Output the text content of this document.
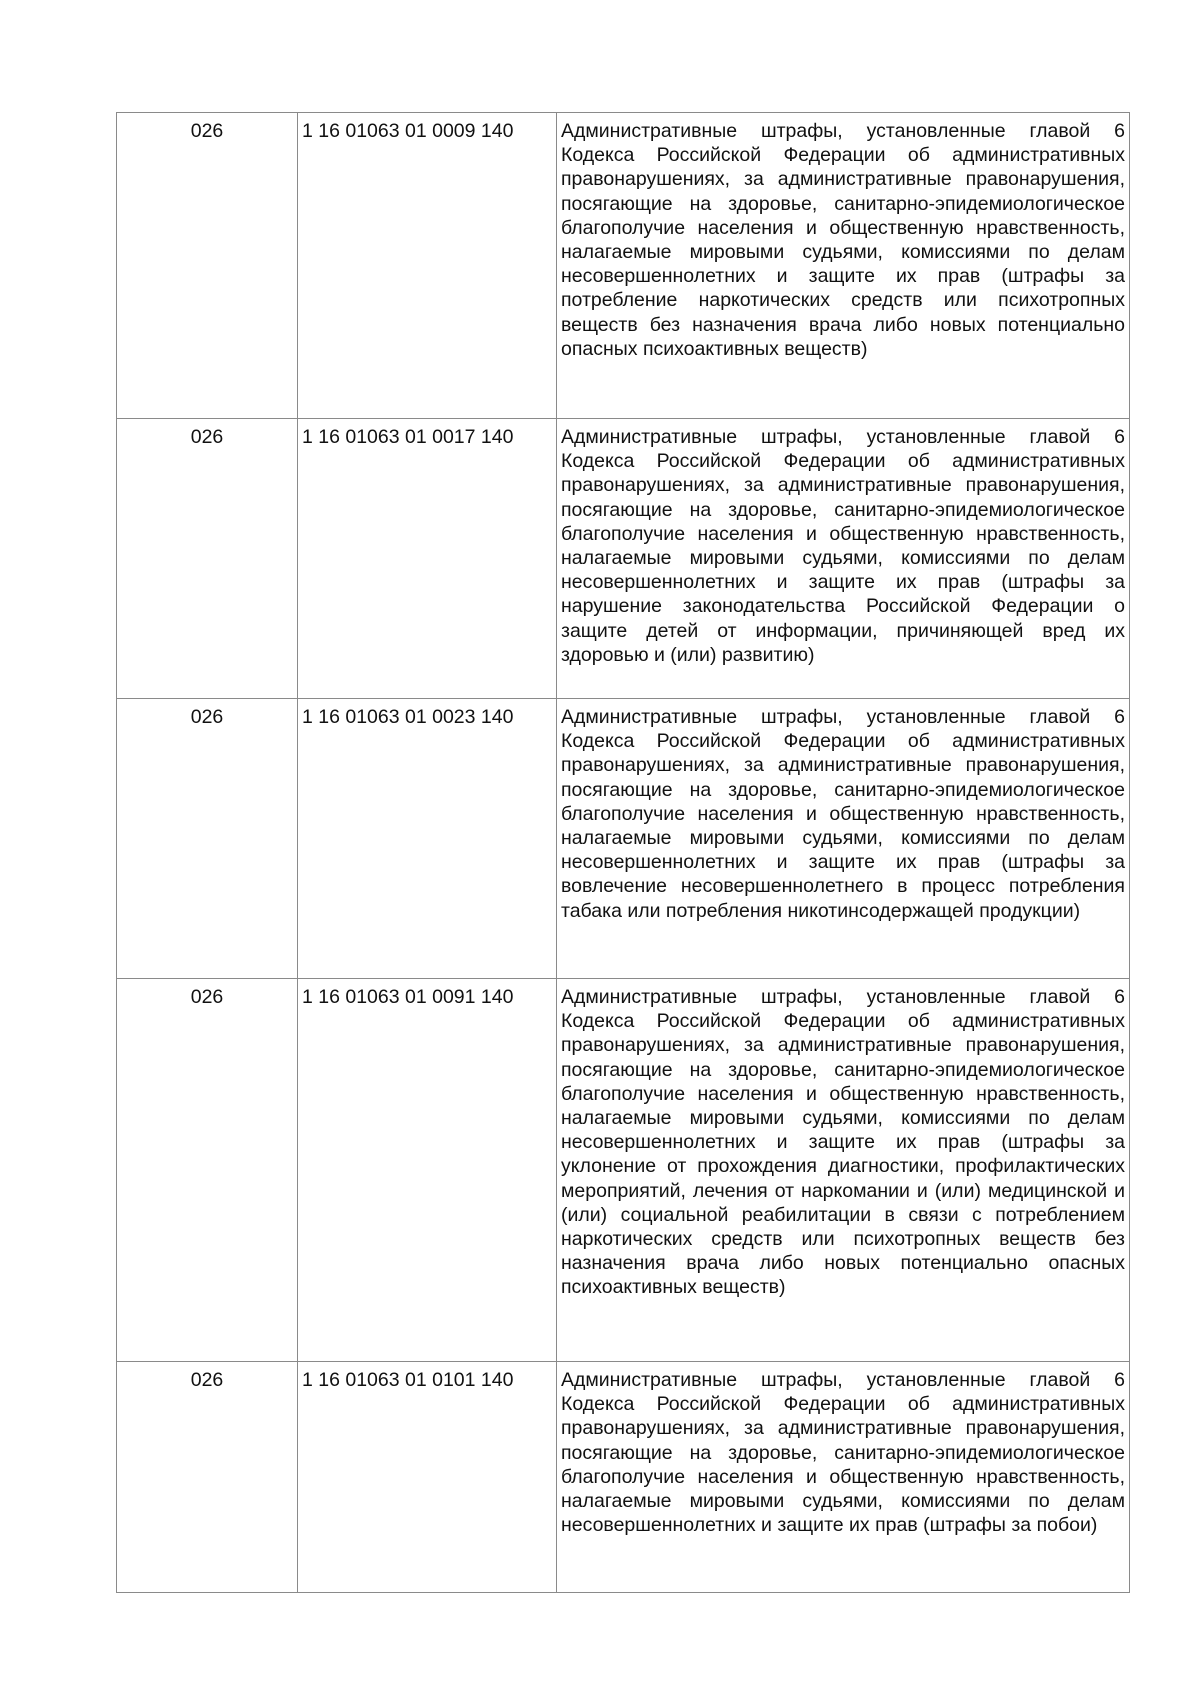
026	1 16 01063 01 0009 140	Административные штрафы, установленные главой 6 Кодекса Российской Федерации об административных правонарушениях, за административные правонарушения, посягающие на здоровье, санитарно-эпидемиологическое благополучие населения и общественную нравственность, налагаемые мировыми судьями, комиссиями по делам несовершеннолетних и защите их прав (штрафы за потребление наркотических средств или психотропных веществ без назначения врача либо новых потенциально опасных психоактивных веществ)
026	1 16 01063 01 0017 140	Административные штрафы, установленные главой 6 Кодекса Российской Федерации об административных правонарушениях, за административные правонарушения, посягающие на здоровье, санитарно-эпидемиологическое благополучие населения и общественную нравственность, налагаемые мировыми судьями, комиссиями по делам несовершеннолетних и защите их прав (штрафы за нарушение законодательства Российской Федерации о защите детей от информации, причиняющей вред их здоровью и (или) развитию)
026	1 16 01063 01 0023 140	Административные штрафы, установленные главой 6 Кодекса Российской Федерации об административных правонарушениях, за административные правонарушения, посягающие на здоровье, санитарно-эпидемиологическое благополучие населения и общественную нравственность, налагаемые мировыми судьями, комиссиями по делам несовершеннолетних и защите их прав (штрафы за вовлечение несовершеннолетнего в процесс потребления табака или потребления никотинсодержащей продукции)
026	1 16 01063 01 0091 140	Административные штрафы, установленные главой 6 Кодекса Российской Федерации об административных правонарушениях, за административные правонарушения, посягающие на здоровье, санитарно-эпидемиологическое благополучие населения и общественную нравственность, налагаемые мировыми судьями, комиссиями по делам несовершеннолетних и защите их прав (штрафы за уклонение от прохождения диагностики, профилактических мероприятий, лечения от наркомании и (или) медицинской и (или) социальной реабилитации в связи с потреблением наркотических средств или психотропных веществ без назначения врача либо новых потенциально опасных психоактивных веществ)
026	1 16 01063 01 0101 140	Административные штрафы, установленные главой 6 Кодекса Российской Федерации об административных правонарушениях, за административные правонарушения, посягающие на здоровье, санитарно-эпидемиологическое благополучие населения и общественную нравственность, налагаемые мировыми судьями, комиссиями по делам несовершеннолетних и защите их прав (штрафы за побои)
